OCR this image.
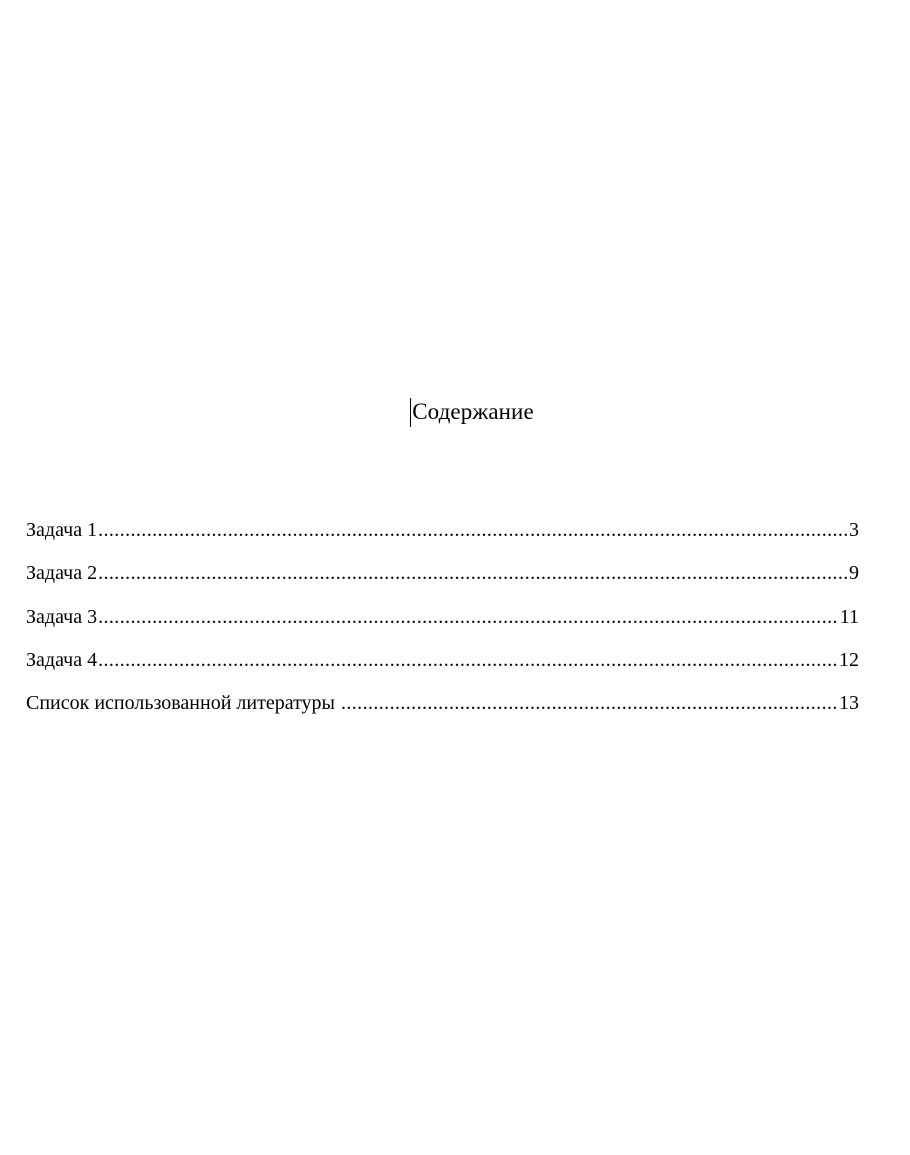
Содержание
Задача 1 .....	3
Задача 2 .....	9
Задача 3 .....	11
Задача 4 .....	12
Список использованной литературы .....	13
